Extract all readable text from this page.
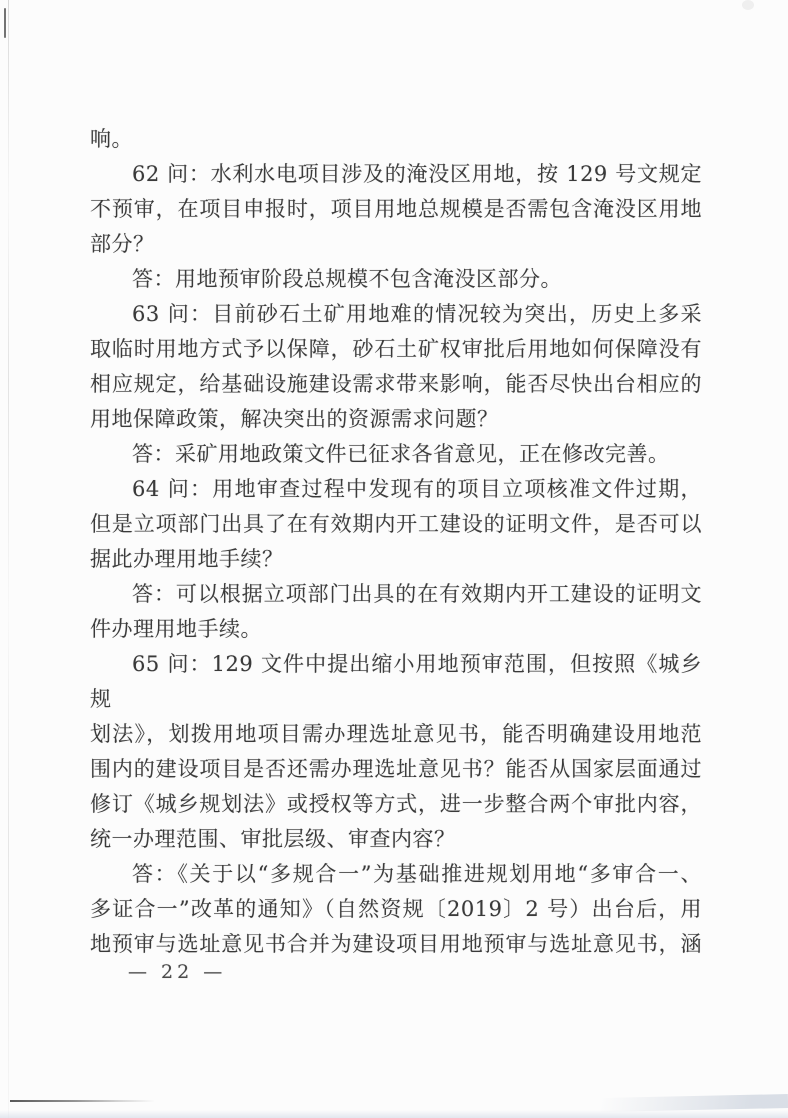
响。
62 问：水利水电项目涉及的淹没区用地，按 129 号文规定
不预审，在项目申报时，项目用地总规模是否需包含淹没区用地
部分？
答：用地预审阶段总规模不包含淹没区部分。
63 问：目前砂石土矿用地难的情况较为突出，历史上多采
取临时用地方式予以保障，砂石土矿权审批后用地如何保障没有
相应规定，给基础设施建设需求带来影响，能否尽快出台相应的
用地保障政策，解决突出的资源需求问题？
答：采矿用地政策文件已征求各省意见，正在修改完善。
64 问：用地审查过程中发现有的项目立项核准文件过期，
但是立项部门出具了在有效期内开工建设的证明文件，是否可以
据此办理用地手续？
答：可以根据立项部门出具的在有效期内开工建设的证明文
件办理用地手续。
65 问：129 文件中提出缩小用地预审范围，但按照《城乡规
划法》，划拨用地项目需办理选址意见书，能否明确建设用地范
围内的建设项目是否还需办理选址意见书？能否从国家层面通过
修订《城乡规划法》或授权等方式，进一步整合两个审批内容，
统一办理范围、审批层级、审查内容？
答：《关于以“多规合一”为基础推进规划用地“多审合一、
多证合一”改革的通知》（自然资规〔2019〕2 号）出台后，用
地预审与选址意见书合并为建设项目用地预审与选址意见书，涵
— 22 —
